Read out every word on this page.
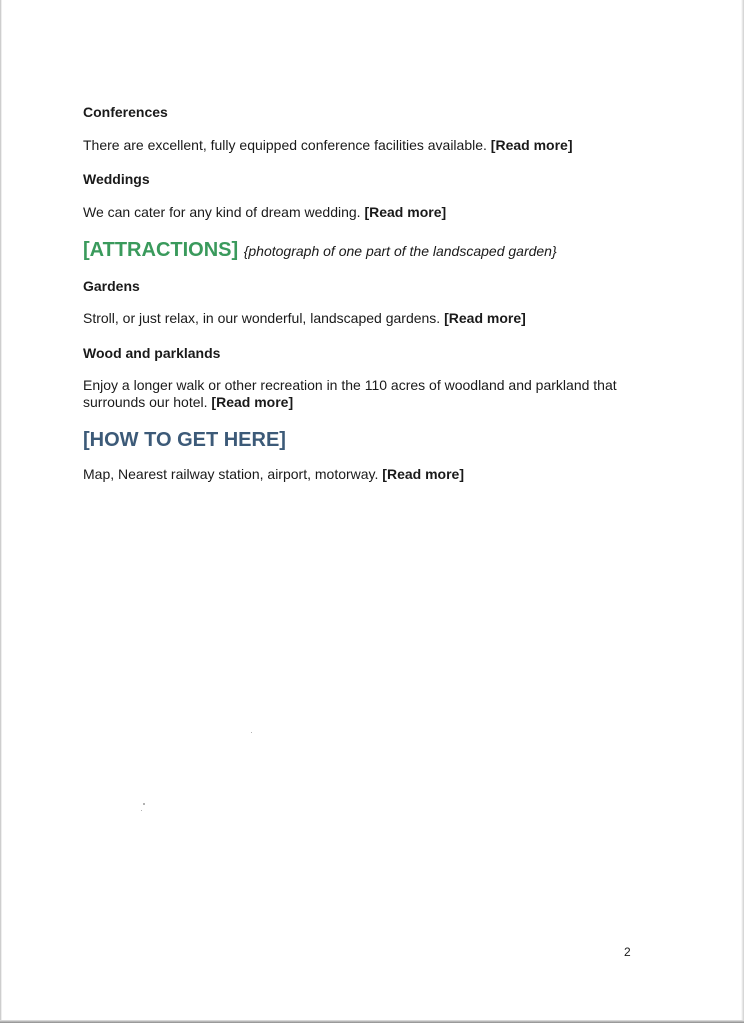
Conferences

There are excellent, fully equipped conference facilities available. [Read more]

Weddings

We can cater for any kind of dream wedding. [Read more]

[ATTRACTIONS] {photograph of one part of the landscaped garden}
Gardens

Stroll, or just relax, in our wonderful, landscaped gardens. [Read more]

Wood and parklands

Enjoy a longer walk or other recreation in the 110 acres of woodland and parkland that surrounds our hotel. [Read more]

[HOW TO GET HERE]

Map, Nearest railway station, airport, motorway. [Read more]

2
